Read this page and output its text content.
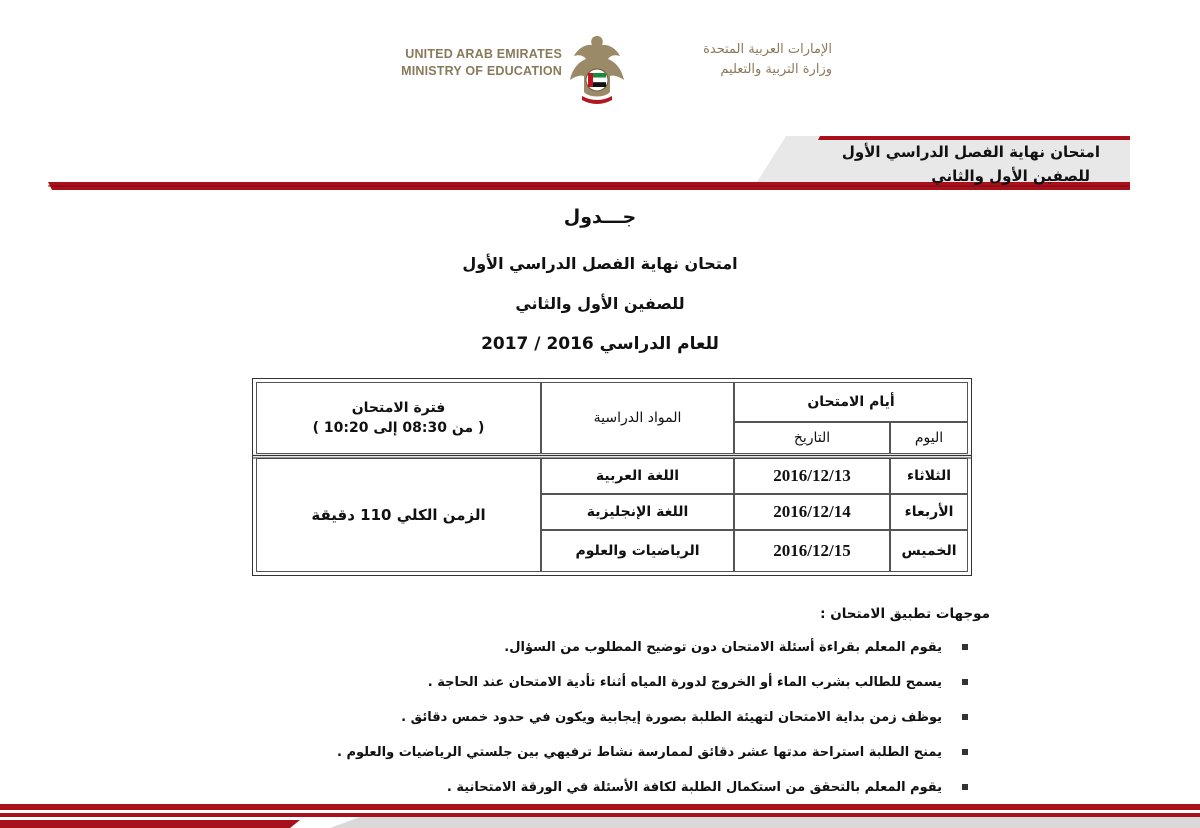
UNITED ARAB EMIRATES
MINISTRY OF EDUCATION
الإمارات العربية المتحدة
وزارة التربية والتعليم
امتحان نهاية الفصل الدراسي الأول
للصفين الأول والثاني
جـــدول
امتحان نهاية الفصل الدراسي الأول
للصفين الأول والثاني
للعام الدراسي 2016 / 2017
أيام الامتحان
المواد الدراسية
فترة الامتحان
( من 08:30 إلى 10:20 )
اليوم
التاريخ
الثلاثاء
2016/12/13
اللغة العربية
الأربعاء
2016/12/14
اللغة الإنجليزية
الخميس
2016/12/15
الرياضيات والعلوم
الزمن الكلي 110 دقيقة
موجهات تطبيق الامتحان :
يقوم المعلم بقراءة أسئلة الامتحان دون توضيح المطلوب من السؤال.
يسمح للطالب بشرب الماء أو الخروج لدورة المياه أثناء تأدية الامتحان عند الحاجة .
يوظف زمن بداية الامتحان لتهيئة الطلبة بصورة إيجابية ويكون في حدود خمس دقائق .
يمنح الطلبة استراحة مدتها عشر دقائق لممارسة نشاط ترفيهي بين جلستي الرياضيات والعلوم .
يقوم المعلم بالتحقق من استكمال الطلبة لكافة الأسئلة في الورقة الامتحانية .
